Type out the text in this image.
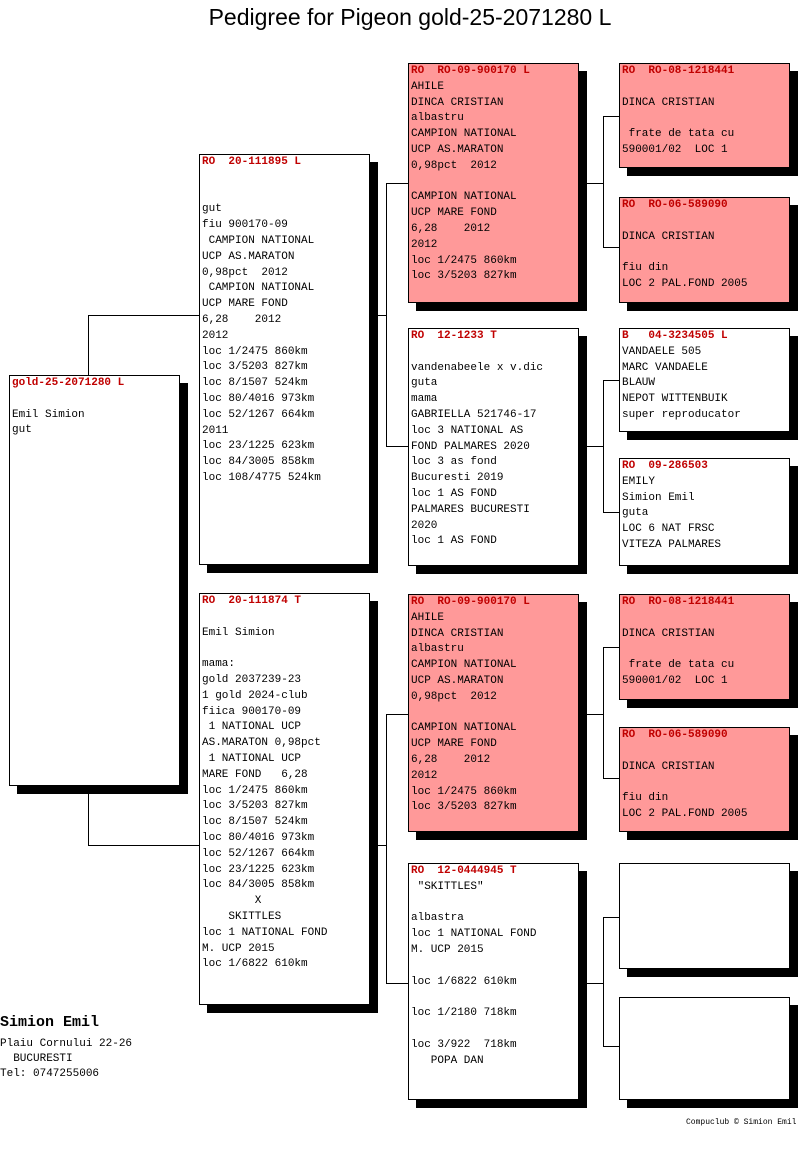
Pedigree for Pigeon gold-25-2071280 L
gold-25-2071280 L
Emil Simion
gut
RO  20-111895 L
gut
fiu 900170-09
CAMPION NATIONAL
UCP AS.MARATON
0,98pct  2012
CAMPION NATIONAL
UCP MARE FOND
6,28    2012
2012
loc 1/2475 860km
loc 3/5203 827km
loc 8/1507 524km
loc 80/4016 973km
loc 52/1267 664km
2011
loc 23/1225 623km
loc 84/3005 858km
loc 108/4775 524km
RO  20-111874 T
Emil Simion
mama:
gold 2037239-23
1 gold 2024-club
fiica 900170-09
1 NATIONAL UCP
AS.MARATON 0,98pct
1 NATIONAL UCP
MARE FOND   6,28
loc 1/2475 860km
loc 3/5203 827km
loc 8/1507 524km
loc 80/4016 973km
loc 52/1267 664km
loc 23/1225 623km
loc 84/3005 858km
X
SKITTLES
loc 1 NATIONAL FOND
M. UCP 2015
loc 1/6822 610km
RO  RO-09-900170 L
AHILE
DINCA CRISTIAN
albastru
CAMPION NATIONAL
UCP AS.MARATON
0,98pct  2012
CAMPION NATIONAL
UCP MARE FOND
6,28    2012
2012
loc 1/2475 860km
loc 3/5203 827km
RO  12-1233 T
vandenabeele x v.dic
guta
mama
GABRIELLA 521746-17
loc 3 NATIONAL AS
FOND PALMARES 2020
loc 3 as fond
Bucuresti 2019
loc 1 AS FOND
PALMARES BUCURESTI
2020
loc 1 AS FOND
RO  RO-09-900170 L
AHILE
DINCA CRISTIAN
albastru
CAMPION NATIONAL
UCP AS.MARATON
0,98pct  2012
CAMPION NATIONAL
UCP MARE FOND
6,28    2012
2012
loc 1/2475 860km
loc 3/5203 827km
RO  12-0444945 T
"SKITTLES"
albastra
loc 1 NATIONAL FOND
M. UCP 2015
loc 1/6822 610km
loc 1/2180 718km
loc 3/922  718km
POPA DAN
RO  RO-08-1218441
DINCA CRISTIAN
frate de tata cu
590001/02  LOC 1
RO  RO-06-589090
DINCA CRISTIAN
fiu din
LOC 2 PAL.FOND 2005
B   04-3234505 L
VANDAELE 505
MARC VANDAELE
BLAUW
NEPOT WITTENBUIK
super reproducator
RO  09-286503
EMILY
Simion Emil
guta
LOC 6 NAT FRSC
VITEZA PALMARES
RO  RO-08-1218441
DINCA CRISTIAN
frate de tata cu
590001/02  LOC 1
RO  RO-06-589090
DINCA CRISTIAN
fiu din
LOC 2 PAL.FOND 2005
Simion Emil
Plaiu Cornului 22-26
BUCURESTI
Tel: 0747255006
Compuclub © Simion Emil
